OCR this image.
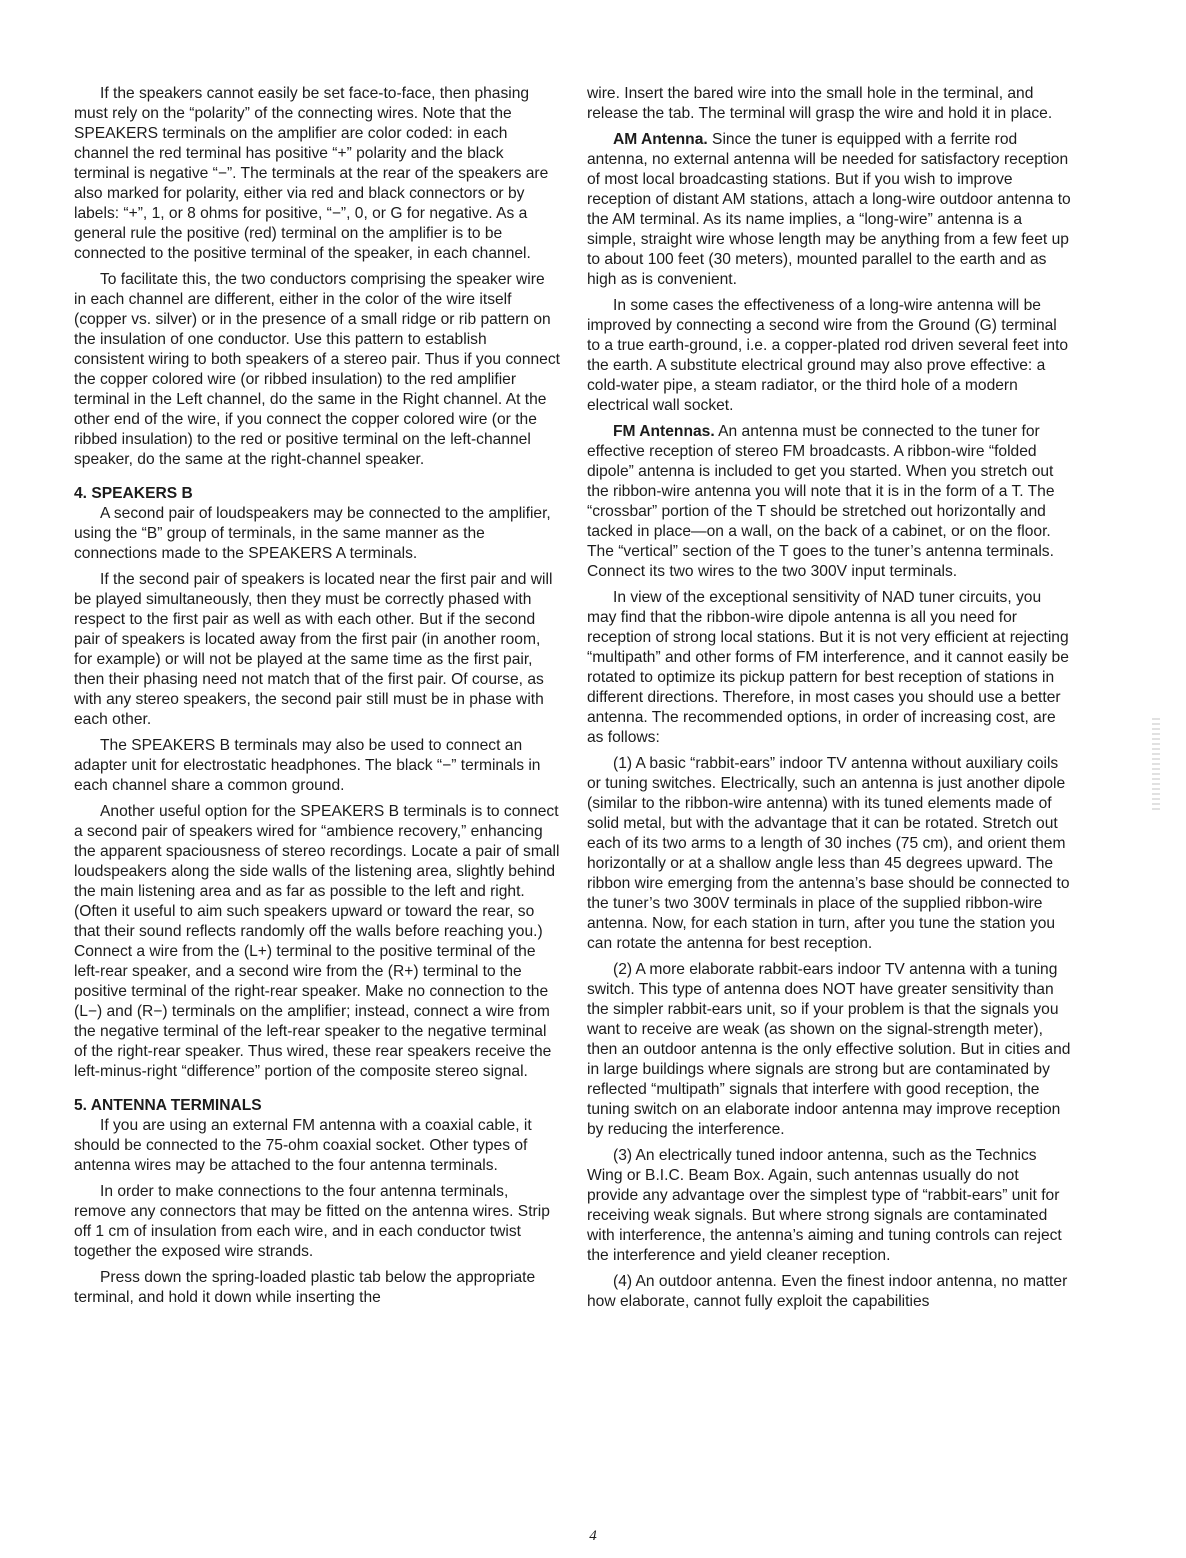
If the speakers cannot easily be set face-to-face, then phasing must rely on the “polarity” of the connecting wires. Note that the SPEAKERS terminals on the amplifier are color coded: in each channel the red terminal has positive “+” polarity and the black terminal is negative “−”. The terminals at the rear of the speakers are also marked for polarity, either via red and black connectors or by labels: “+”, 1, or 8 ohms for positive, “−”, 0, or G for negative. As a general rule the positive (red) terminal on the amplifier is to be connected to the positive terminal of the speaker, in each channel.

To facilitate this, the two conductors comprising the speaker wire in each channel are different, either in the color of the wire itself (copper vs. silver) or in the presence of a small ridge or rib pattern on the insulation of one conductor. Use this pattern to establish consistent wiring to both speakers of a stereo pair. Thus if you connect the copper colored wire (or ribbed insulation) to the red amplifier terminal in the Left channel, do the same in the Right channel. At the other end of the wire, if you connect the copper colored wire (or the ribbed insulation) to the red or positive terminal on the left-channel speaker, do the same at the right-channel speaker.

4. SPEAKERS B

A second pair of loudspeakers may be connected to the amplifier, using the “B” group of terminals, in the same manner as the connections made to the SPEAKERS A terminals.

If the second pair of speakers is located near the first pair and will be played simultaneously, then they must be correctly phased with respect to the first pair as well as with each other. But if the second pair of speakers is located away from the first pair (in another room, for example) or will not be played at the same time as the first pair, then their phasing need not match that of the first pair. Of course, as with any stereo speakers, the second pair still must be in phase with each other.

The SPEAKERS B terminals may also be used to connect an adapter unit for electrostatic headphones. The black “−” terminals in each channel share a common ground.

Another useful option for the SPEAKERS B terminals is to connect a second pair of speakers wired for “ambience recovery,” enhancing the apparent spaciousness of stereo recordings. Locate a pair of small loudspeakers along the side walls of the listening area, slightly behind the main listening area and as far as possible to the left and right. (Often it useful to aim such speakers upward or toward the rear, so that their sound reflects randomly off the walls before reaching you.) Connect a wire from the (L+) terminal to the positive terminal of the left-rear speaker, and a second wire from the (R+) terminal to the positive terminal of the right-rear speaker. Make no connection to the (L−) and (R−) terminals on the amplifier; instead, connect a wire from the negative terminal of the left-rear speaker to the negative terminal of the right-rear speaker. Thus wired, these rear speakers receive the left-minus-right “difference” portion of the composite stereo signal.

5. ANTENNA TERMINALS

If you are using an external FM antenna with a coaxial cable, it should be connected to the 75-ohm coaxial socket. Other types of antenna wires may be attached to the four antenna terminals.

In order to make connections to the four antenna terminals, remove any connectors that may be fitted on the antenna wires. Strip off 1 cm of insulation from each wire, and in each conductor twist together the exposed wire strands.

Press down the spring-loaded plastic tab below the appropriate terminal, and hold it down while inserting the

wire. Insert the bared wire into the small hole in the terminal, and release the tab. The terminal will grasp the wire and hold it in place.

AM Antenna. Since the tuner is equipped with a ferrite rod antenna, no external antenna will be needed for satisfactory reception of most local broadcasting stations. But if you wish to improve reception of distant AM stations, attach a long-wire outdoor antenna to the AM terminal. As its name implies, a “long-wire” antenna is a simple, straight wire whose length may be anything from a few feet up to about 100 feet (30 meters), mounted parallel to the earth and as high as is convenient.

In some cases the effectiveness of a long-wire antenna will be improved by connecting a second wire from the Ground (G) terminal to a true earth-ground, i.e. a copper-plated rod driven several feet into the earth. A substitute electrical ground may also prove effective: a cold-water pipe, a steam radiator, or the third hole of a modern electrical wall socket.

FM Antennas. An antenna must be connected to the tuner for effective reception of stereo FM broadcasts. A ribbon-wire “folded dipole” antenna is included to get you started. When you stretch out the ribbon-wire antenna you will note that it is in the form of a T. The “crossbar” portion of the T should be stretched out horizontally and tacked in place—on a wall, on the back of a cabinet, or on the floor. The “vertical” section of the T goes to the tuner’s antenna terminals. Connect its two wires to the two 300V input terminals.

In view of the exceptional sensitivity of NAD tuner circuits, you may find that the ribbon-wire dipole antenna is all you need for reception of strong local stations. But it is not very efficient at rejecting “multipath” and other forms of FM interference, and it cannot easily be rotated to optimize its pickup pattern for best reception of stations in different directions. Therefore, in most cases you should use a better antenna. The recommended options, in order of increasing cost, are as follows:

(1) A basic “rabbit-ears” indoor TV antenna without auxiliary coils or tuning switches. Electrically, such an antenna is just another dipole (similar to the ribbon-wire antenna) with its tuned elements made of solid metal, but with the advantage that it can be rotated. Stretch out each of its two arms to a length of 30 inches (75 cm), and orient them horizontally or at a shallow angle less than 45 degrees upward. The ribbon wire emerging from the antenna’s base should be connected to the tuner’s two 300V terminals in place of the supplied ribbon-wire antenna. Now, for each station in turn, after you tune the station you can rotate the antenna for best reception.

(2) A more elaborate rabbit-ears indoor TV antenna with a tuning switch. This type of antenna does NOT have greater sensitivity than the simpler rabbit-ears unit, so if your problem is that the signals you want to receive are weak (as shown on the signal-strength meter), then an outdoor antenna is the only effective solution. But in cities and in large buildings where signals are strong but are contaminated by reflected “multipath” signals that interfere with good reception, the tuning switch on an elaborate indoor antenna may improve reception by reducing the interference.

(3) An electrically tuned indoor antenna, such as the Technics Wing or B.I.C. Beam Box. Again, such antennas usually do not provide any advantage over the simplest type of “rabbit-ears” unit for receiving weak signals. But where strong signals are contaminated with interference, the antenna’s aiming and tuning controls can reject the interference and yield cleaner reception.

(4) An outdoor antenna. Even the finest indoor antenna, no matter how elaborate, cannot fully exploit the capabilities

4
